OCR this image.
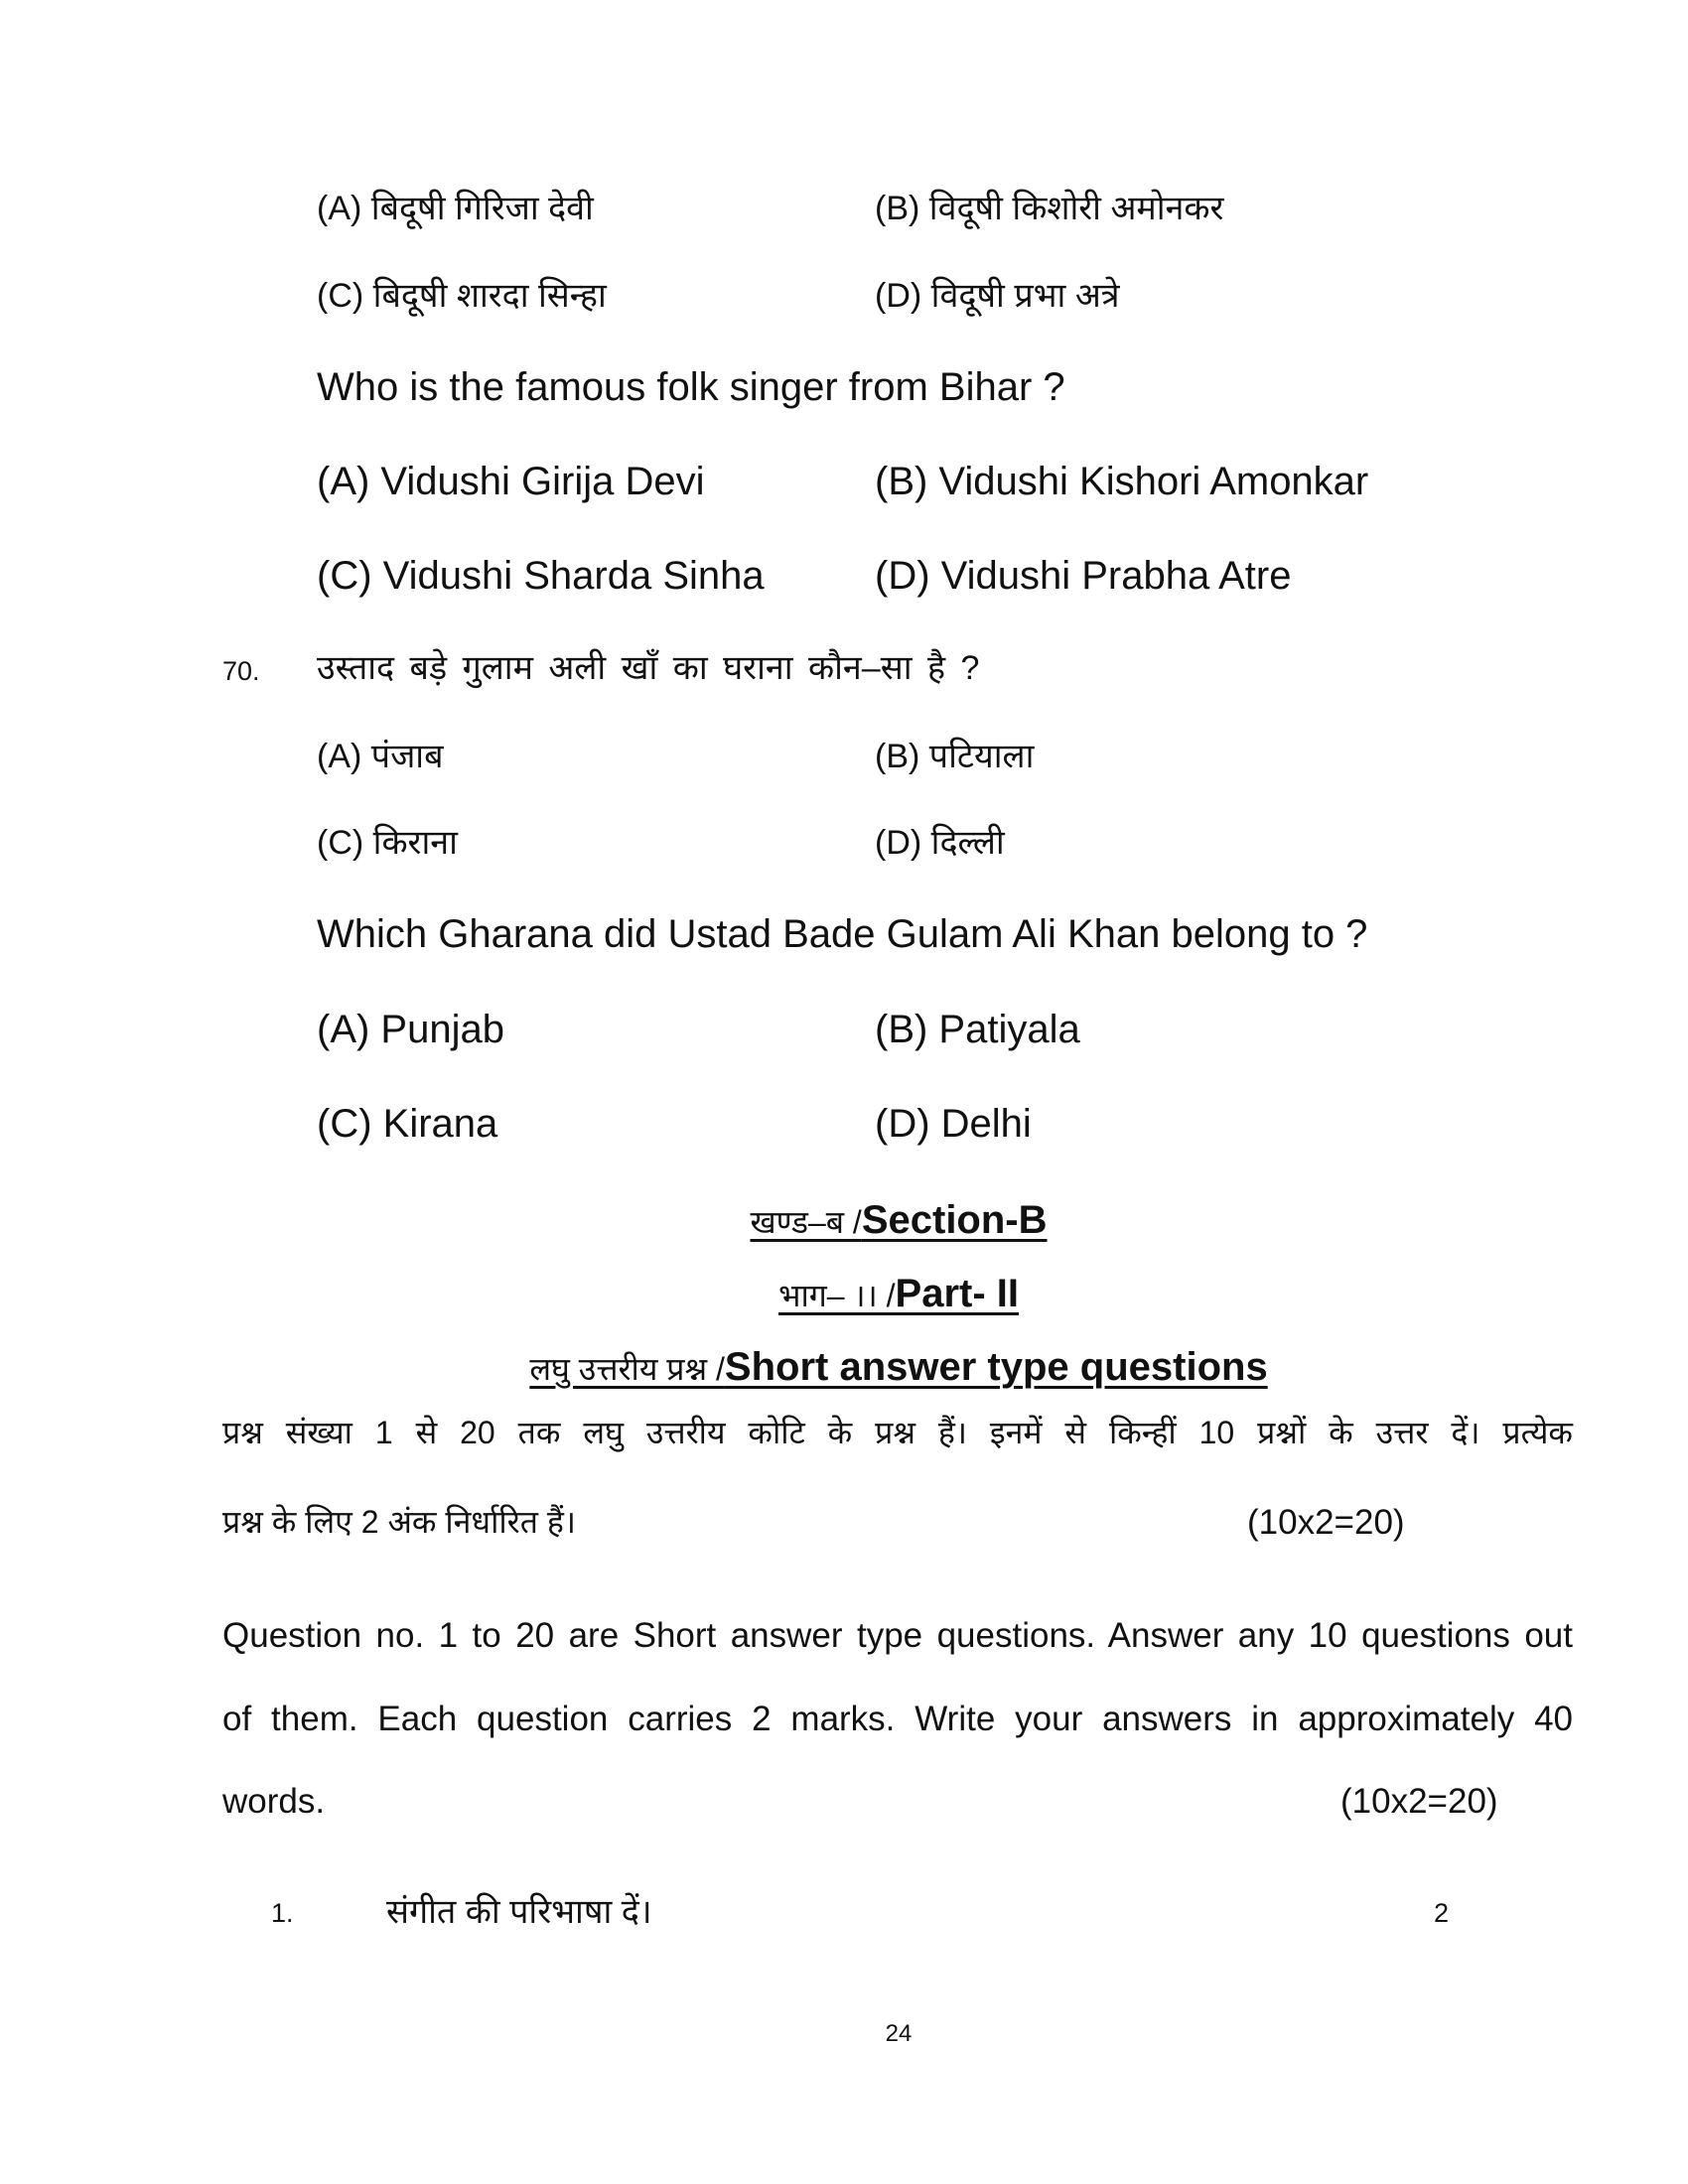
(A) बिदूषी गिरिजा देवी	(B) विदूषी किशोरी अमोनकर
(C) बिदूषी शारदा सिन्हा	(D) विदूषी प्रभा अत्रे
Who is the famous folk singer from Bihar ?
(A) Vidushi Girija Devi	(B) Vidushi Kishori Amonkar
(C) Vidushi Sharda Sinha	(D) Vidushi Prabha Atre
70. उस्ताद बड़े गुलाम अली खाँ का घराना कौन–सा है ?
(A) पंजाब	(B) पटियाला
(C) किराना	(D) दिल्ली
Which Gharana did Ustad Bade Gulam Ali Khan belong to ?
(A) Punjab	(B) Patiyala
(C) Kirana	(D) Delhi
खण्ड–ब /Section-B
भाग– ।। /Part- II
लघु उत्तरीय प्रश्न /Short answer type questions
प्रश्न संख्या 1 से 20 तक लघु उत्तरीय कोटि के प्रश्न हैं। इनमें से किन्हीं 10 प्रश्नों के उत्तर दें। प्रत्येक
प्रश्न के लिए 2 अंक निर्धारित हैं।	(10x2=20)
Question no. 1 to 20 are Short answer type questions. Answer any 10 questions out
of them. Each question carries 2 marks. Write your answers in approximately 40
words.	(10x2=20)
1.	संगीत की परिभाषा दें।	2
24
